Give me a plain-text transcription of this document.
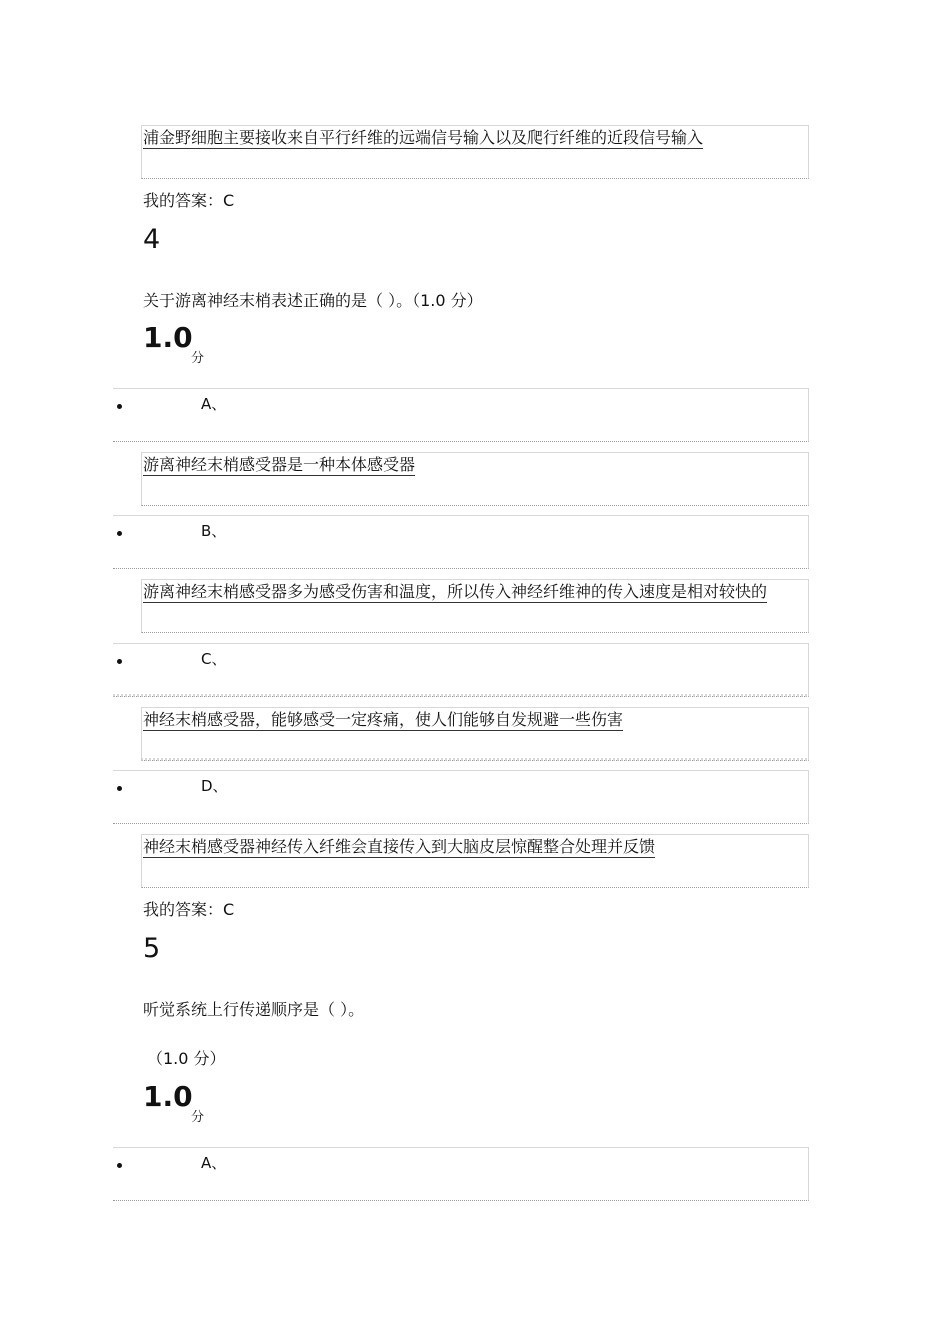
浦金野细胞主要接收来自平行纤维的远端信号输入以及爬行纤维的近段信号输入
我的答案：C
4
关于游离神经末梢表述正确的是（ ）。（1.0 分）
1.0
分
A、
游离神经末梢感受器是一种本体感受器
B、
游离神经末梢感受器多为感受伤害和温度，所以传入神经纤维神的传入速度是相对较快的
C、
神经末梢感受器，能够感受一定疼痛，使人们能够自发规避一些伤害
D、
神经末梢感受器神经传入纤维会直接传入到大脑皮层惊醒整合处理并反馈
我的答案：C
5
听觉系统上行传递顺序是（ ）。
（1.0 分）
1.0
分
A、
